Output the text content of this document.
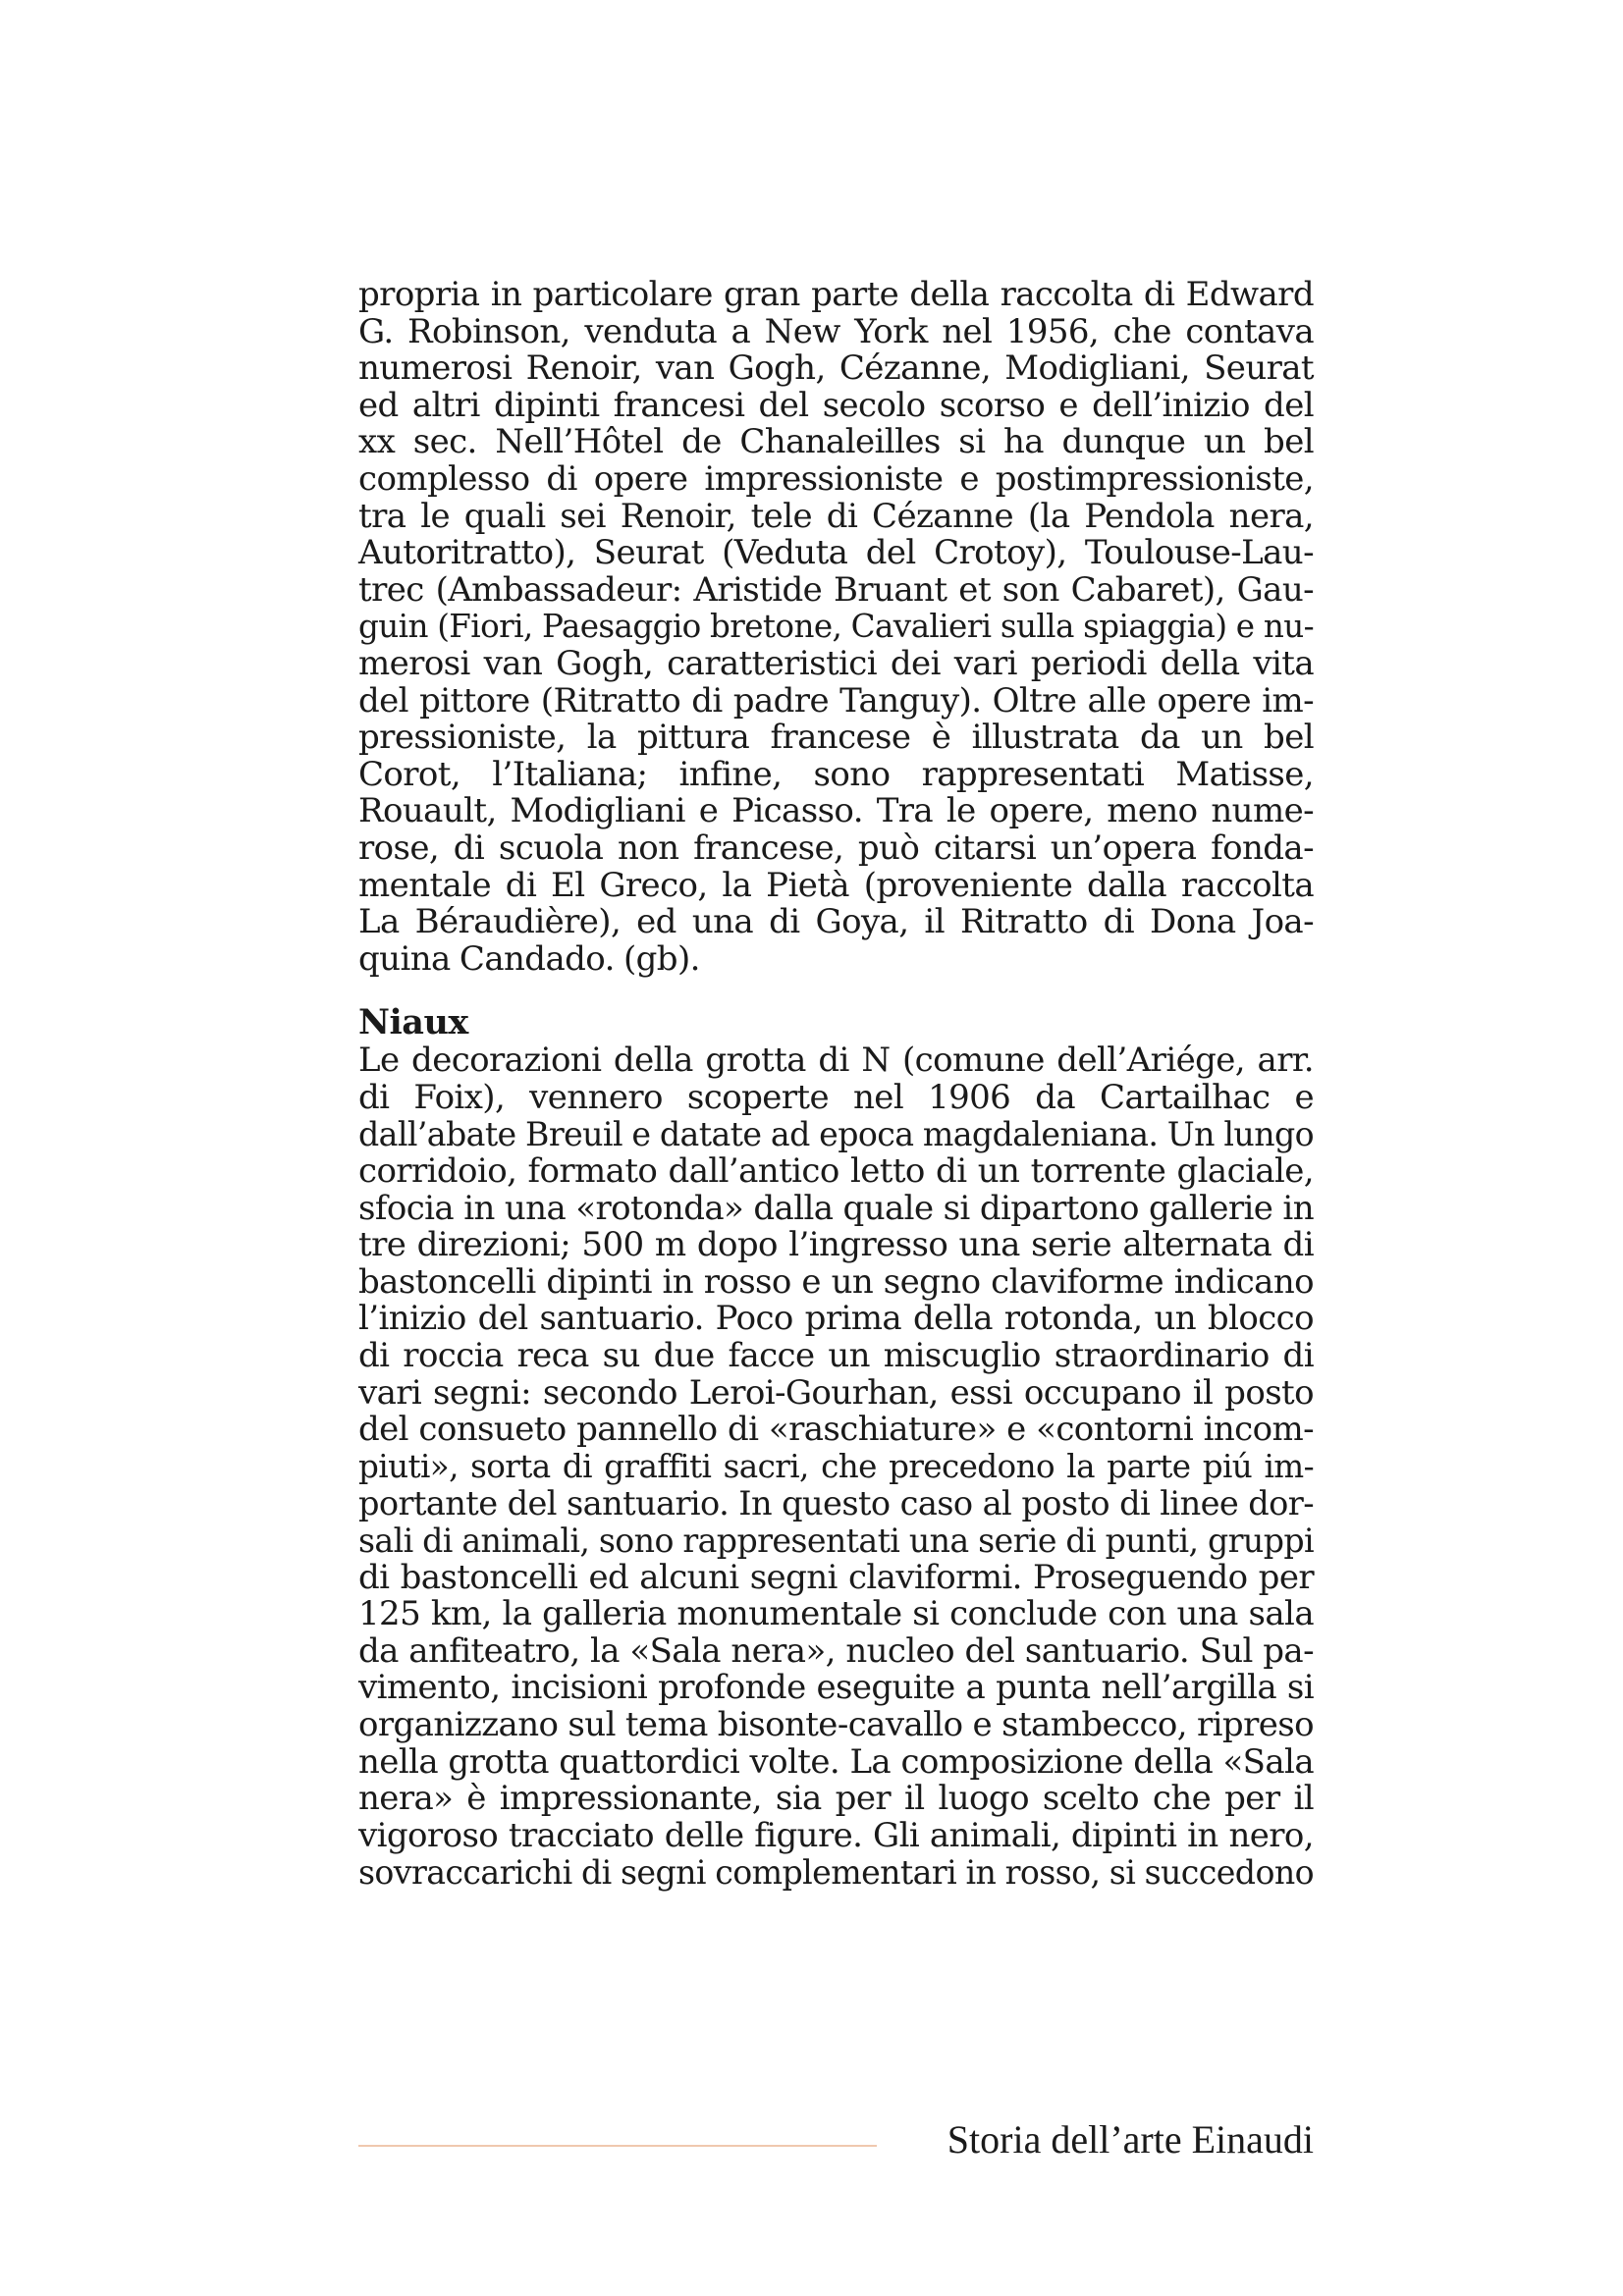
propria in particolare gran parte della raccolta di Edward
G. Robinson, venduta a New York nel 1956, che contava
numerosi Renoir, van Gogh, Cézanne, Modigliani, Seurat
ed altri dipinti francesi del secolo scorso e dell’inizio del
xx sec. Nell’Hôtel de Chanaleilles si ha dunque un bel
complesso di opere impressioniste e postimpressioniste,
tra le quali sei Renoir, tele di Cézanne (la Pendola nera,
Autoritratto), Seurat (Veduta del Crotoy), Toulouse-Lau-
trec (Ambassadeur: Aristide Bruant et son Cabaret), Gau-
guin (Fiori, Paesaggio bretone, Cavalieri sulla spiaggia) e nu-
merosi van Gogh, caratteristici dei vari periodi della vita
del pittore (Ritratto di padre Tanguy). Oltre alle opere im-
pressioniste, la pittura francese è illustrata da un bel
Corot, l’Italiana; infine, sono rappresentati Matisse,
Rouault, Modigliani e Picasso. Tra le opere, meno nume-
rose, di scuola non francese, può citarsi un’opera fonda-
mentale di El Greco, la Pietà (proveniente dalla raccolta
La Béraudière), ed una di Goya, il Ritratto di Dona Joa-
quina Candado. (gb).
Niaux
Le decorazioni della grotta di N (comune dell’Ariége, arr.
di Foix), vennero scoperte nel 1906 da Cartailhac e
dall’abate Breuil e datate ad epoca magdaleniana. Un lungo
corridoio, formato dall’antico letto di un torrente glaciale,
sfocia in una «rotonda» dalla quale si dipartono gallerie in
tre direzioni; 500 m dopo l’ingresso una serie alternata di
bastoncelli dipinti in rosso e un segno claviforme indicano
l’inizio del santuario. Poco prima della rotonda, un blocco
di roccia reca su due facce un miscuglio straordinario di
vari segni: secondo Leroi-Gourhan, essi occupano il posto
del consueto pannello di «raschiature» e «contorni incom-
piuti», sorta di graffiti sacri, che precedono la parte piú im-
portante del santuario. In questo caso al posto di linee dor-
sali di animali, sono rappresentati una serie di punti, gruppi
di bastoncelli ed alcuni segni claviformi. Proseguendo per
125 km, la galleria monumentale si conclude con una sala
da anfiteatro, la «Sala nera», nucleo del santuario. Sul pa-
vimento, incisioni profonde eseguite a punta nell’argilla si
organizzano sul tema bisonte-cavallo e stambecco, ripreso
nella grotta quattordici volte. La composizione della «Sala
nera» è impressionante, sia per il luogo scelto che per il
vigoroso tracciato delle figure. Gli animali, dipinti in nero,
sovraccarichi di segni complementari in rosso, si succedono
Storia dell’arte Einaudi
